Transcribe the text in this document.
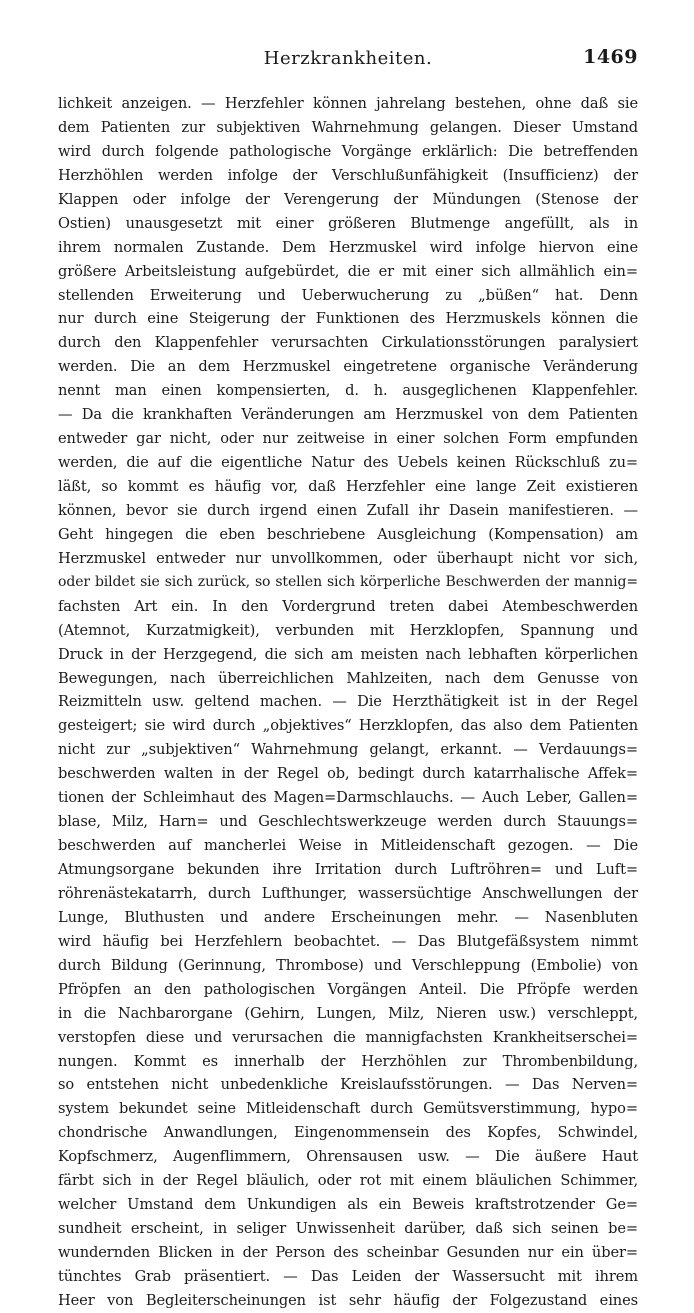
Herzkrankheiten.	1469
lichkeit anzeigen. — Herzfehler können jahrelang bestehen, ohne daß sie
dem Patienten zur subjektiven Wahrnehmung gelangen. Dieser Umstand
wird durch folgende pathologische Vorgänge erklärlich: Die betreffenden
Herzhöhlen werden infolge der Verschlußunfähigkeit (Insufficienz) der
Klappen oder infolge der Verengerung der Mündungen (Stenose der
Ostien) unausgesetzt mit einer größeren Blutmenge angefüllt, als in
ihrem normalen Zustande. Dem Herzmuskel wird infolge hiervon eine
größere Arbeitsleistung aufgebürdet, die er mit einer sich allmählich ein=
stellenden Erweiterung und Ueberwucherung zu „büßen“ hat. Denn
nur durch eine Steigerung der Funktionen des Herzmuskels können die
durch den Klappenfehler verursachten Cirkulationsstörungen paralysiert
werden. Die an dem Herzmuskel eingetretene organische Veränderung
nennt man einen kompensierten, d. h. ausgeglichenen Klappenfehler.
— Da die krankhaften Veränderungen am Herzmuskel von dem Patienten
entweder gar nicht, oder nur zeitweise in einer solchen Form empfunden
werden, die auf die eigentliche Natur des Uebels keinen Rückschluß zu=
läßt, so kommt es häufig vor, daß Herzfehler eine lange Zeit existieren
können, bevor sie durch irgend einen Zufall ihr Dasein manifestieren. —
Geht hingegen die eben beschriebene Ausgleichung (Kompensation) am
Herzmuskel entweder nur unvollkommen, oder überhaupt nicht vor sich,
oder bildet sie sich zurück, so stellen sich körperliche Beschwerden der mannig=
fachsten Art ein. In den Vordergrund treten dabei Atembeschwerden
(Atemnot, Kurzatmigkeit), verbunden mit Herzklopfen, Spannung und
Druck in der Herzgegend, die sich am meisten nach lebhaften körperlichen
Bewegungen, nach überreichlichen Mahlzeiten, nach dem Genusse von
Reizmitteln usw. geltend machen. — Die Herzthätigkeit ist in der Regel
gesteigert; sie wird durch „objektives“ Herzklopfen, das also dem Patienten
nicht zur „subjektiven“ Wahrnehmung gelangt, erkannt. — Verdauungs=
beschwerden walten in der Regel ob, bedingt durch katarrhalische Affek=
tionen der Schleimhaut des Magen=Darmschlauchs. — Auch Leber, Gallen=
blase, Milz, Harn= und Geschlechtswerkzeuge werden durch Stauungs=
beschwerden auf mancherlei Weise in Mitleidenschaft gezogen. — Die
Atmungsorgane bekunden ihre Irritation durch Luftröhren= und Luft=
röhrenästekatarrh, durch Lufthunger, wassersüchtige Anschwellungen der
Lunge, Bluthusten und andere Erscheinungen mehr. — Nasenbluten
wird häufig bei Herzfehlern beobachtet. — Das Blutgefäßsystem nimmt
durch Bildung (Gerinnung, Thrombose) und Verschleppung (Embolie) von
Pfröpfen an den pathologischen Vorgängen Anteil. Die Pfröpfe werden
in die Nachbarorgane (Gehirn, Lungen, Milz, Nieren usw.) verschleppt,
verstopfen diese und verursachen die mannigfachsten Krankheitserschei=
nungen. Kommt es innerhalb der Herzhöhlen zur Thrombenbildung,
so entstehen nicht unbedenkliche Kreislaufsstörungen. — Das Nerven=
system bekundet seine Mitleidenschaft durch Gemütsverstimmung, hypo=
chondrische Anwandlungen, Eingenommensein des Kopfes, Schwindel,
Kopfschmerz, Augenflimmern, Ohrensausen usw. — Die äußere Haut
färbt sich in der Regel bläulich, oder rot mit einem bläulichen Schimmer,
welcher Umstand dem Unkundigen als ein Beweis kraftstrotzender Ge=
sundheit erscheint, in seliger Unwissenheit darüber, daß sich seinen be=
wundernden Blicken in der Person des scheinbar Gesunden nur ein über=
tünchtes Grab präsentiert. — Das Leiden der Wassersucht mit ihrem
Heer von Begleiterscheinungen ist sehr häufig der Folgezustand eines
